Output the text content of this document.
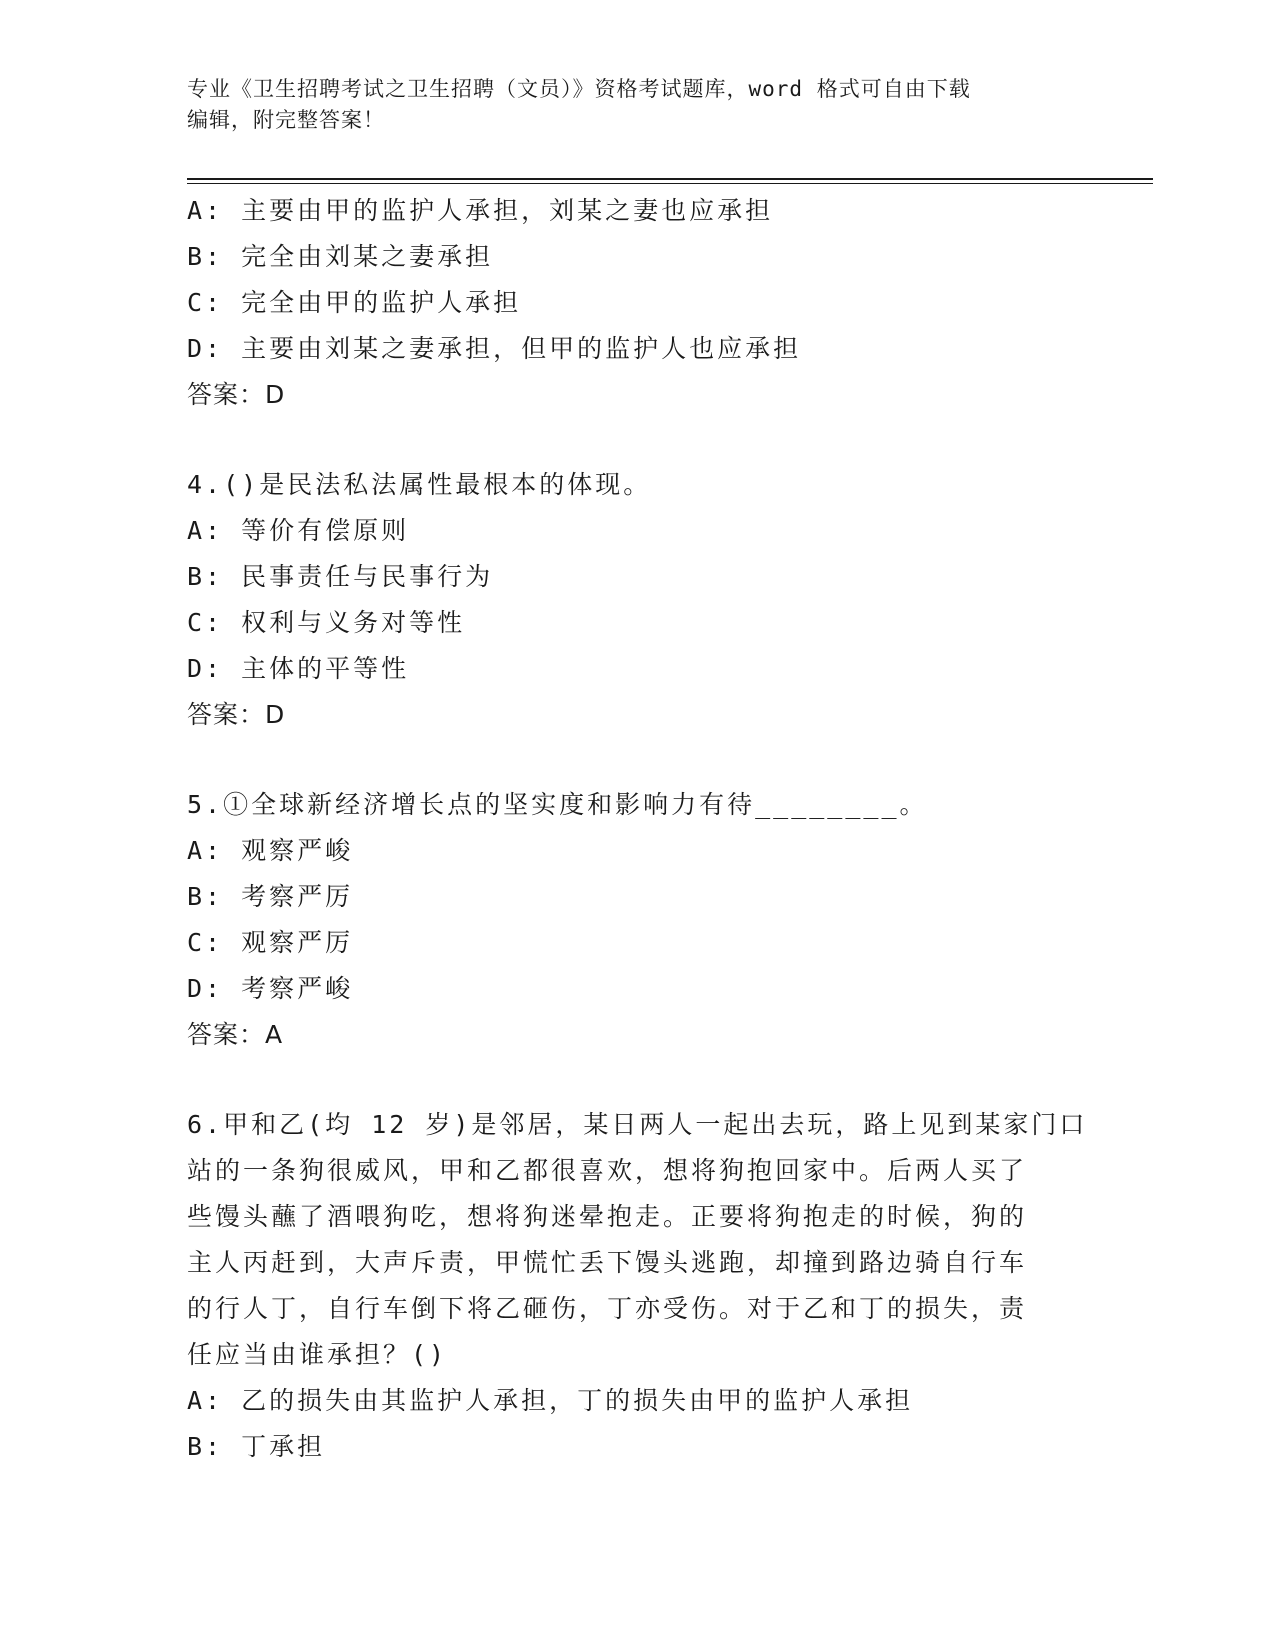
专业《卫生招聘考试之卫生招聘（文员）》资格考试题库，word 格式可自由下载
编辑，附完整答案！
A: 主要由甲的监护人承担，刘某之妻也应承担
B: 完全由刘某之妻承担
C: 完全由甲的监护人承担
D: 主要由刘某之妻承担，但甲的监护人也应承担
答案：D
4.()是民法私法属性最根本的体现。
A: 等价有偿原则
B: 民事责任与民事行为
C: 权利与义务对等性
D: 主体的平等性
答案：D
5.①全球新经济增长点的坚实度和影响力有待________。
A: 观察严峻
B: 考察严厉
C: 观察严厉
D: 考察严峻
答案：A
6.甲和乙(均 12 岁)是邻居，某日两人一起出去玩，路上见到某家门口
站的一条狗很威风，甲和乙都很喜欢，想将狗抱回家中。后两人买了
些馒头蘸了酒喂狗吃，想将狗迷晕抱走。正要将狗抱走的时候，狗的
主人丙赶到，大声斥责，甲慌忙丢下馒头逃跑，却撞到路边骑自行车
的行人丁，自行车倒下将乙砸伤，丁亦受伤。对于乙和丁的损失，责
任应当由谁承担？()
A: 乙的损失由其监护人承担，丁的损失由甲的监护人承担
B: 丁承担
